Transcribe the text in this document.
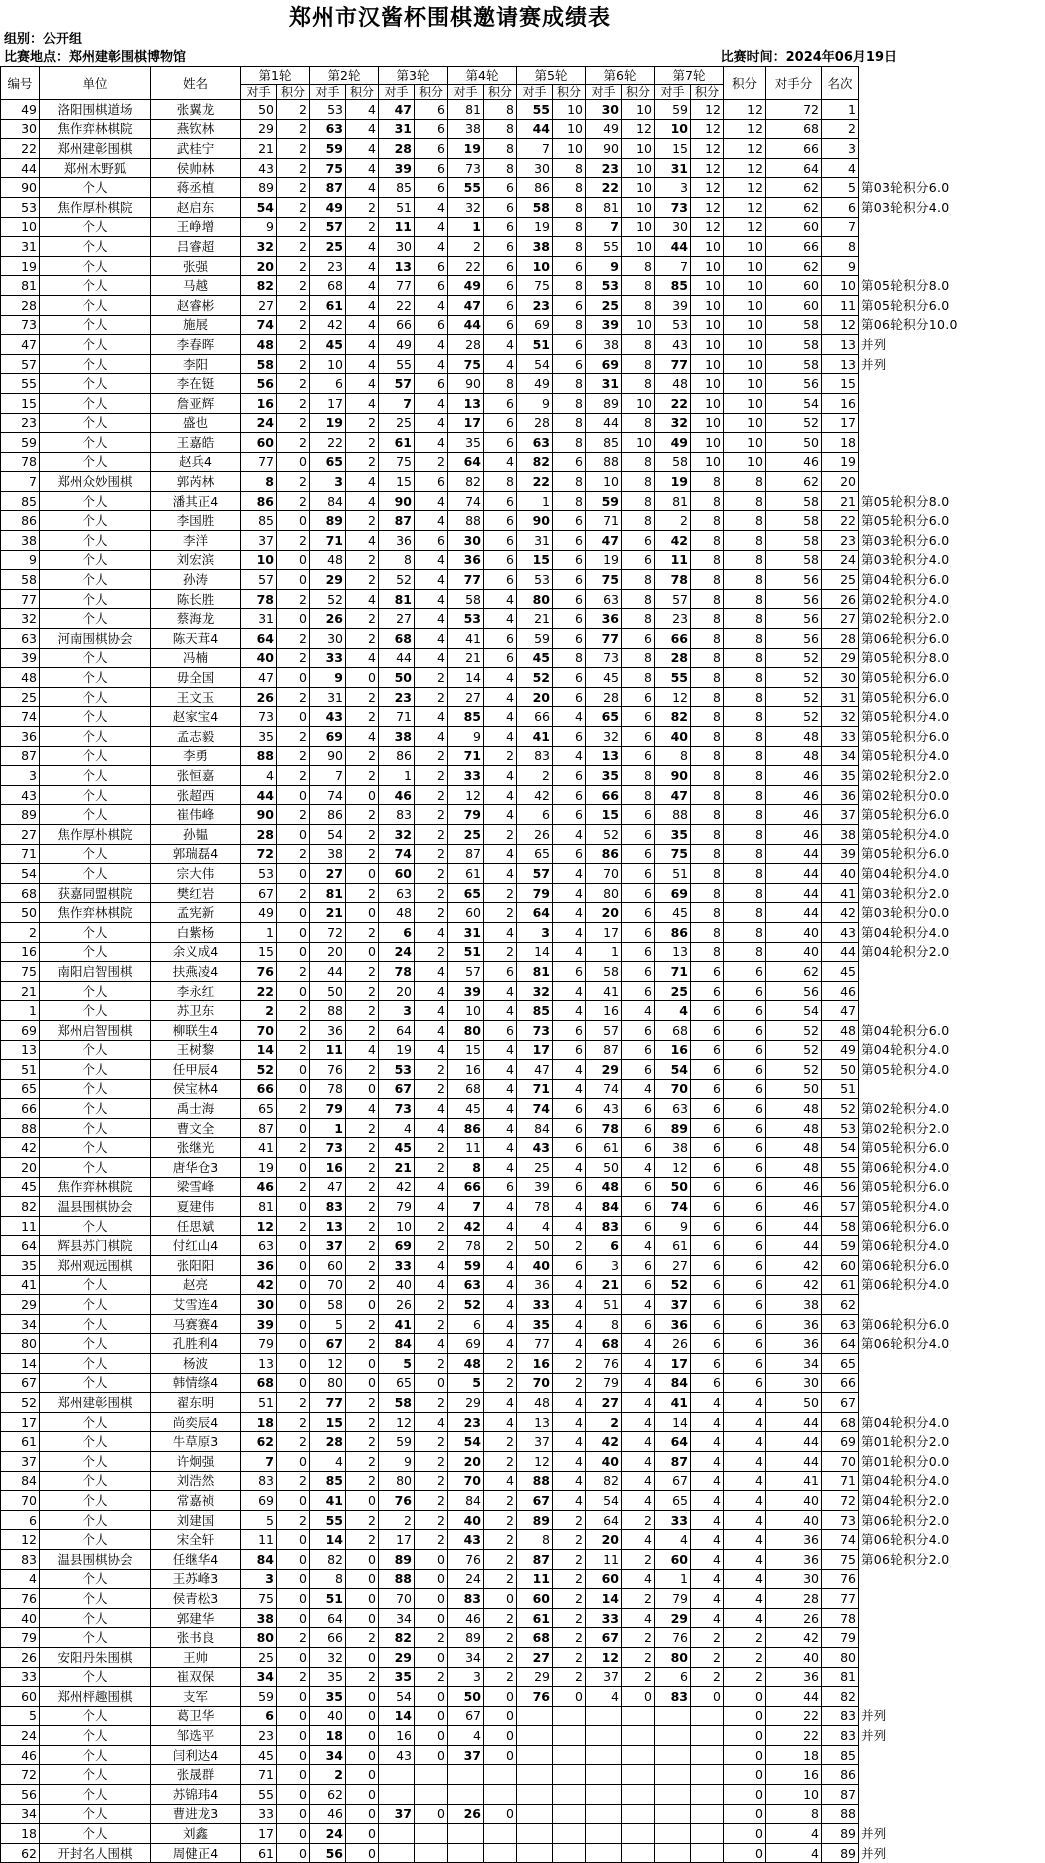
郑州市汉酱杯围棋邀请赛成绩表
组别：公开组
比赛地点：郑州建彰围棋博物馆	比赛时间：2024年06月19日
编号	单位	姓名	第1轮		第2轮		第3轮		第4轮		第5轮		第6轮		第7轮		积分	对手分	名次	
			对手	积分	对手	积分	对手	积分	对手	积分	对手	积分	对手	积分	对手	积分				
49	洛阳围棋道场	张翼龙	50	2	53	4	47	6	81	8	55	10	30	10	59	12	12	72	1	
30	焦作弈林棋院	燕钦林	29	2	63	4	31	6	38	8	44	10	49	12	10	12	12	68	2	
22	郑州建彰围棋	武桂宁	21	2	59	4	28	6	19	8	7	10	90	10	15	12	12	66	3	
44	郑州木野狐	侯帅林	43	2	75	4	39	6	73	8	30	8	23	10	31	12	12	64	4	
90	个人	蒋丞植	89	2	87	4	85	6	55	6	86	8	22	10	3	12	12	62	5	第03轮积分6.0
53	焦作厚朴棋院	赵启东	54	2	49	2	51	4	32	6	58	8	81	10	73	12	12	62	6	第03轮积分4.0
10	个人	王峥增	9	2	57	2	11	4	1	6	19	8	7	10	30	12	12	60	7	
31	个人	吕睿超	32	2	25	4	30	4	2	6	38	8	55	10	44	10	10	66	8	
19	个人	张强	20	2	23	4	13	6	22	6	10	6	9	8	7	10	10	62	9	
81	个人	马越	82	2	68	4	77	6	49	6	75	8	53	8	85	10	10	60	10	第05轮积分8.0
28	个人	赵睿彬	27	2	61	4	22	4	47	6	23	6	25	8	39	10	10	60	11	第05轮积分6.0
73	个人	施展	74	2	42	4	66	6	44	6	69	8	39	10	53	10	10	58	12	第06轮积分10.0
47	个人	李春晖	48	2	45	4	49	4	28	4	51	6	38	8	43	10	10	58	13	并列
57	个人	李阳	58	2	10	4	55	4	75	4	54	6	69	8	77	10	10	58	13	并列
55	个人	李在铤	56	2	6	4	57	6	90	8	49	8	31	8	48	10	10	56	15	
15	个人	詹亚辉	16	2	17	4	7	4	13	6	9	8	89	10	22	10	10	54	16	
23	个人	盛也	24	2	19	2	25	4	17	6	28	8	44	8	32	10	10	52	17	
59	个人	王嘉皓	60	2	22	2	61	4	35	6	63	8	85	10	49	10	10	50	18	
78	个人	赵兵4	77	0	65	2	75	2	64	4	82	6	88	8	58	10	10	46	19	
7	郑州众妙围棋	郭芮林	8	2	3	4	15	6	82	8	22	8	10	8	19	8	8	62	20	
85	个人	潘其正4	86	2	84	4	90	4	74	6	1	8	59	8	81	8	8	58	21	第05轮积分8.0
86	个人	李国胜	85	0	89	2	87	4	88	6	90	6	71	8	2	8	8	58	22	第05轮积分6.0
38	个人	李洋	37	2	71	4	36	6	30	6	31	6	47	6	42	8	8	58	23	第03轮积分6.0
9	个人	刘宏滨	10	0	48	2	8	4	36	6	15	6	19	6	11	8	8	58	24	第03轮积分4.0
58	个人	孙涛	57	0	29	2	52	4	77	6	53	6	75	8	78	8	8	56	25	第04轮积分6.0
77	个人	陈长胜	78	2	52	4	81	4	58	4	80	6	63	8	57	8	8	56	26	第02轮积分4.0
32	个人	蔡海龙	31	0	26	2	27	4	53	4	21	6	36	8	23	8	8	56	27	第02轮积分2.0
63	河南围棋协会	陈天茸4	64	2	30	2	68	4	41	6	59	6	77	6	66	8	8	56	28	第06轮积分6.0
39	个人	冯楠	40	2	33	4	44	4	21	6	45	8	73	8	28	8	8	52	29	第05轮积分8.0
48	个人	毋全国	47	0	9	0	50	2	14	4	52	6	45	8	55	8	8	52	30	第05轮积分6.0
25	个人	王文玉	26	2	31	2	23	2	27	4	20	6	28	6	12	8	8	52	31	第05轮积分6.0
74	个人	赵家宝4	73	0	43	2	71	4	85	4	66	4	65	6	82	8	8	52	32	第05轮积分4.0
36	个人	孟志毅	35	2	69	4	38	4	9	4	41	6	32	6	40	8	8	48	33	第05轮积分6.0
87	个人	李勇	88	2	90	2	86	2	71	2	83	4	13	6	8	8	8	48	34	第05轮积分4.0
3	个人	张恒嘉	4	2	7	2	1	2	33	4	2	6	35	8	90	8	8	46	35	第02轮积分2.0
43	个人	张超西	44	0	74	0	46	2	12	4	42	6	66	8	47	8	8	46	36	第02轮积分0.0
89	个人	崔伟峰	90	2	86	2	83	2	79	4	6	6	15	6	88	8	8	46	37	第05轮积分6.0
27	焦作厚朴棋院	孙韫	28	0	54	2	32	2	25	2	26	4	52	6	35	8	8	46	38	第05轮积分4.0
71	个人	郭瑞磊4	72	2	38	2	74	2	87	4	65	6	86	6	75	8	8	44	39	第05轮积分6.0
54	个人	宗大伟	53	0	27	0	60	2	61	4	57	4	70	6	51	8	8	44	40	第04轮积分4.0
68	获嘉同盟棋院	樊红岩	67	2	81	2	63	2	65	2	79	4	80	6	69	8	8	44	41	第03轮积分2.0
50	焦作弈林棋院	孟宪新	49	0	21	0	48	2	60	2	64	4	20	6	45	8	8	44	42	第03轮积分0.0
2	个人	白紫杨	1	0	72	2	6	4	31	4	3	4	17	6	86	8	8	40	43	第04轮积分4.0
16	个人	余义成4	15	0	20	0	24	2	51	2	14	4	1	6	13	8	8	40	44	第04轮积分2.0
75	南阳启智围棋	扶燕凌4	76	2	44	2	78	4	57	6	81	6	58	6	71	6	6	62	45	
21	个人	李永红	22	0	50	2	20	4	39	4	32	4	41	6	25	6	6	56	46	
1	个人	苏卫东	2	2	88	2	3	4	10	4	85	4	16	4	4	6	6	54	47	
69	郑州启智围棋	柳联生4	70	2	36	2	64	4	80	6	73	6	57	6	68	6	6	52	48	第04轮积分6.0
13	个人	王树黎	14	2	11	4	19	4	15	4	17	6	87	6	16	6	6	52	49	第04轮积分4.0
51	个人	任甲辰4	52	0	76	2	53	2	16	4	47	4	29	6	54	6	6	52	50	第05轮积分4.0
65	个人	侯宝林4	66	0	78	0	67	2	68	4	71	4	74	4	70	6	6	50	51	
66	个人	禹士海	65	2	79	4	73	4	45	4	74	6	43	6	63	6	6	48	52	第02轮积分4.0
88	个人	曹文全	87	0	1	2	4	4	86	4	84	6	78	6	89	6	6	48	53	第02轮积分2.0
42	个人	张继光	41	2	73	2	45	2	11	4	43	6	61	6	38	6	6	48	54	第05轮积分6.0
20	个人	唐华仓3	19	0	16	2	21	2	8	4	25	4	50	4	12	6	6	48	55	第06轮积分4.0
45	焦作弈林棋院	梁雪峰	46	2	47	2	42	4	66	6	39	6	48	6	50	6	6	46	56	第05轮积分6.0
82	温县围棋协会	夏建伟	81	0	83	2	79	4	7	4	78	4	84	6	74	6	6	46	57	第05轮积分4.0
11	个人	任思斌	12	2	13	2	10	2	42	4	4	4	83	6	9	6	6	44	58	第06轮积分6.0
64	辉县苏门棋院	付红山4	63	0	37	2	69	2	78	2	50	2	6	4	61	6	6	44	59	第06轮积分4.0
35	郑州观远围棋	张阳阳	36	0	60	2	33	4	59	4	40	6	3	6	27	6	6	42	60	第06轮积分6.0
41	个人	赵亮	42	0	70	2	40	4	63	4	36	4	21	6	52	6	6	42	61	第06轮积分4.0
29	个人	艾雪连4	30	0	58	0	26	2	52	4	33	4	51	4	37	6	6	38	62	
34	个人	马赛赛4	39	0	5	2	41	2	6	4	35	4	8	6	36	6	6	36	63	第06轮积分6.0
80	个人	孔胜利4	79	0	67	2	84	4	69	4	77	4	68	4	26	6	6	36	64	第06轮积分4.0
14	个人	杨波	13	0	12	0	5	2	48	2	16	2	76	4	17	6	6	34	65	
67	个人	韩情绦4	68	0	80	0	65	0	5	2	70	2	79	4	84	6	6	30	66	
52	郑州建彰围棋	翟东明	51	2	77	2	58	2	29	4	48	4	27	4	41	4	4	50	67	
17	个人	尚奕辰4	18	2	15	2	12	4	23	4	13	4	2	4	14	4	4	44	68	第04轮积分4.0
61	个人	牛草原3	62	2	28	2	59	2	54	2	37	4	42	4	64	4	4	44	69	第01轮积分2.0
37	个人	许炯强	7	0	4	2	9	2	20	2	12	4	40	4	87	4	4	44	70	第01轮积分0.0
84	个人	刘浩然	83	2	85	2	80	2	70	4	88	4	82	4	67	4	4	41	71	第04轮积分4.0
70	个人	常嘉祯	69	0	41	0	76	2	84	2	67	4	54	4	65	4	4	40	72	第04轮积分2.0
6	个人	刘建国	5	2	55	2	2	2	40	2	89	2	64	2	33	4	4	40	73	第06轮积分2.0
12	个人	宋全轩	11	0	14	2	17	2	43	2	8	2	20	4	4	4	4	36	74	第06轮积分4.0
83	温县围棋协会	任继华4	84	0	82	0	89	0	76	2	87	2	11	2	60	4	4	36	75	第06轮积分2.0
4	个人	王苏峰3	3	0	8	0	88	0	24	2	11	2	60	4	1	4	4	30	76	
76	个人	侯青松3	75	0	51	0	70	0	83	0	60	2	14	2	79	4	4	28	77	
40	个人	郭建华	38	0	64	0	34	0	46	2	61	2	33	4	29	4	4	26	78	
79	个人	张书良	80	2	66	2	82	2	89	2	68	2	67	2	76	2	2	42	79	
26	安阳丹朱围棋	王帅	25	0	32	0	29	0	34	2	27	2	12	2	80	2	2	40	80	
33	个人	崔双保	34	2	35	2	35	2	3	2	29	2	37	2	6	2	2	36	81	
60	郑州枰趣围棋	支军	59	0	35	0	54	0	50	0	76	0	4	0	83	0	0	44	82	
5	个人	葛卫华	6	0	40	0	14	0	67	0							0	22	83	并列
24	个人	邹选平	23	0	18	0	16	0	4	0							0	22	83	并列
46	个人	闫利达4	45	0	34	0	43	0	37	0							0	18	85	
72	个人	张晟群	71	0	2	0											0	16	86	
56	个人	苏锦玮4	55	0	62	0											0	10	87	
34	个人	曹进龙3	33	0	46	0	37	0	26	0							0	8	88	
18	个人	刘鑫	17	0	24	0											0	4	89	并列
62	开封名人围棋	周健正4	61	0	56	0											0	4	89	并列
